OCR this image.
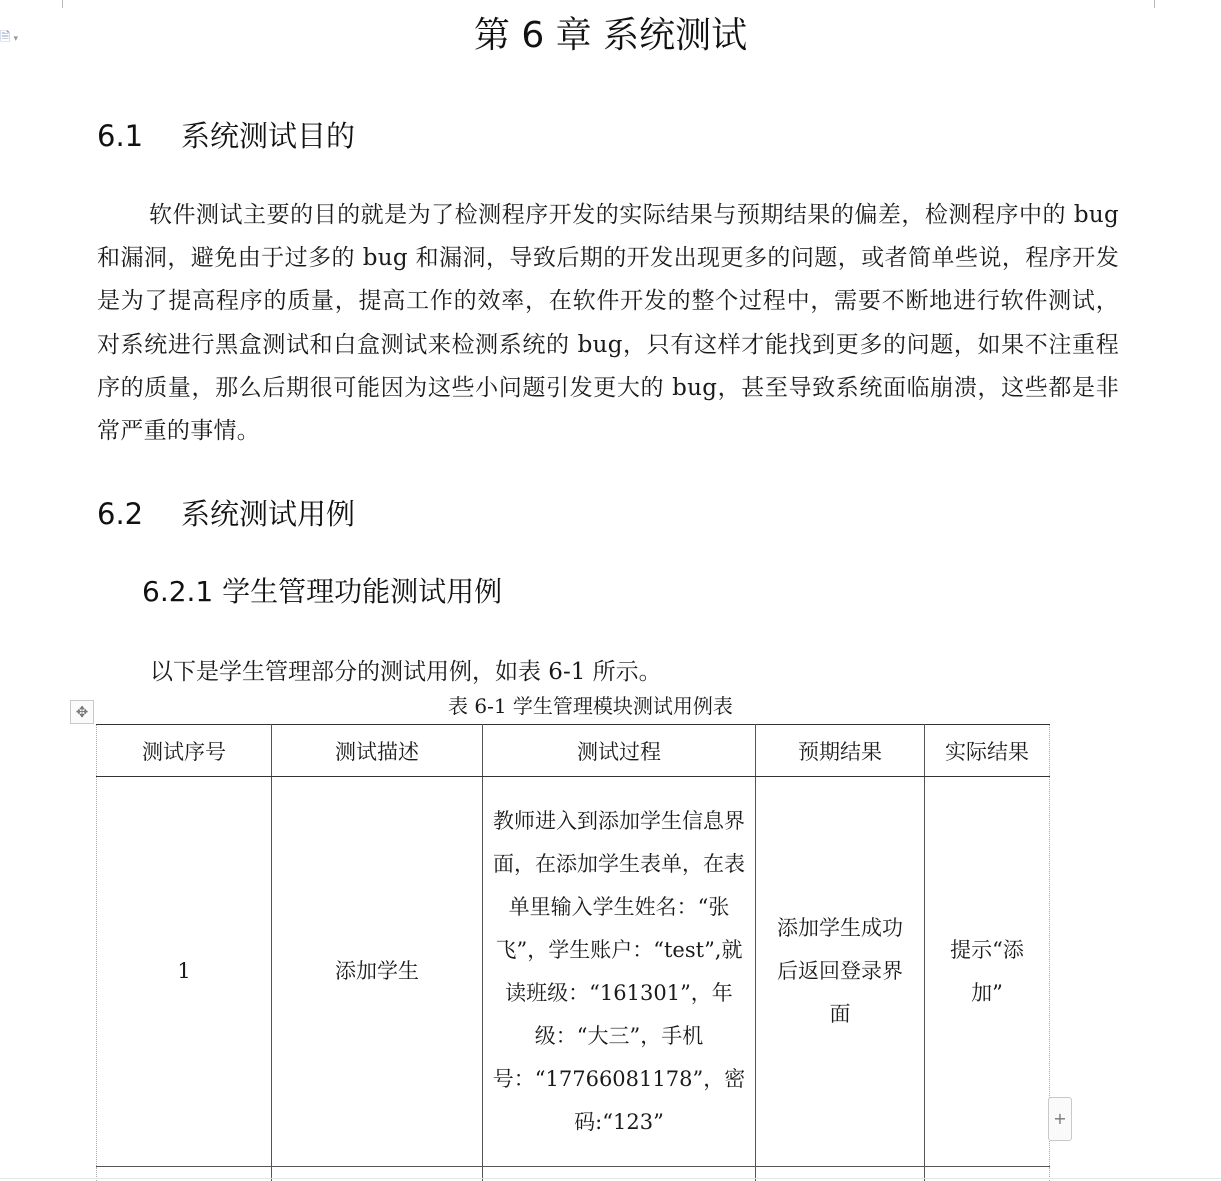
🗎 ▾	第 6 章 系统测试
6.1 系统测试目的

软件测试主要的目的就是为了检测程序开发的实际结果与预期结果的偏差，检测程序中的 bug 和漏洞，避免由于过多的 bug 和漏洞，导致后期的开发出现更多的问题，或者简单些说，程序开发是为了提高程序的质量，提高工作的效率，在软件开发的整个过程中，需要不断地进行软件测试，对系统进行黑盒测试和白盒测试来检测系统的 bug，只有这样才能找到更多的问题，如果不注重程序的质量，那么后期很可能因为这些小问题引发更大的 bug，甚至导致系统面临崩溃，这些都是非常严重的事情。

6.2 系统测试用例
6.2.1 学生管理功能测试用例

以下是学生管理部分的测试用例，如表 6-1 所示。

✥	表 6-1 学生管理模块测试用例表

测试序号	测试描述	测试过程	预期结果	实际结果
1	添加学生	教师进入到添加学生信息界面，在添加学生表单，在表单里输入学生姓名：“张飞”，学生账户：“test”,就读班级：“161301”，年级：“大三”，手机号：“17766081178”，密码:“123”	添加学生成功后返回登录界面	提示“添加”

+
